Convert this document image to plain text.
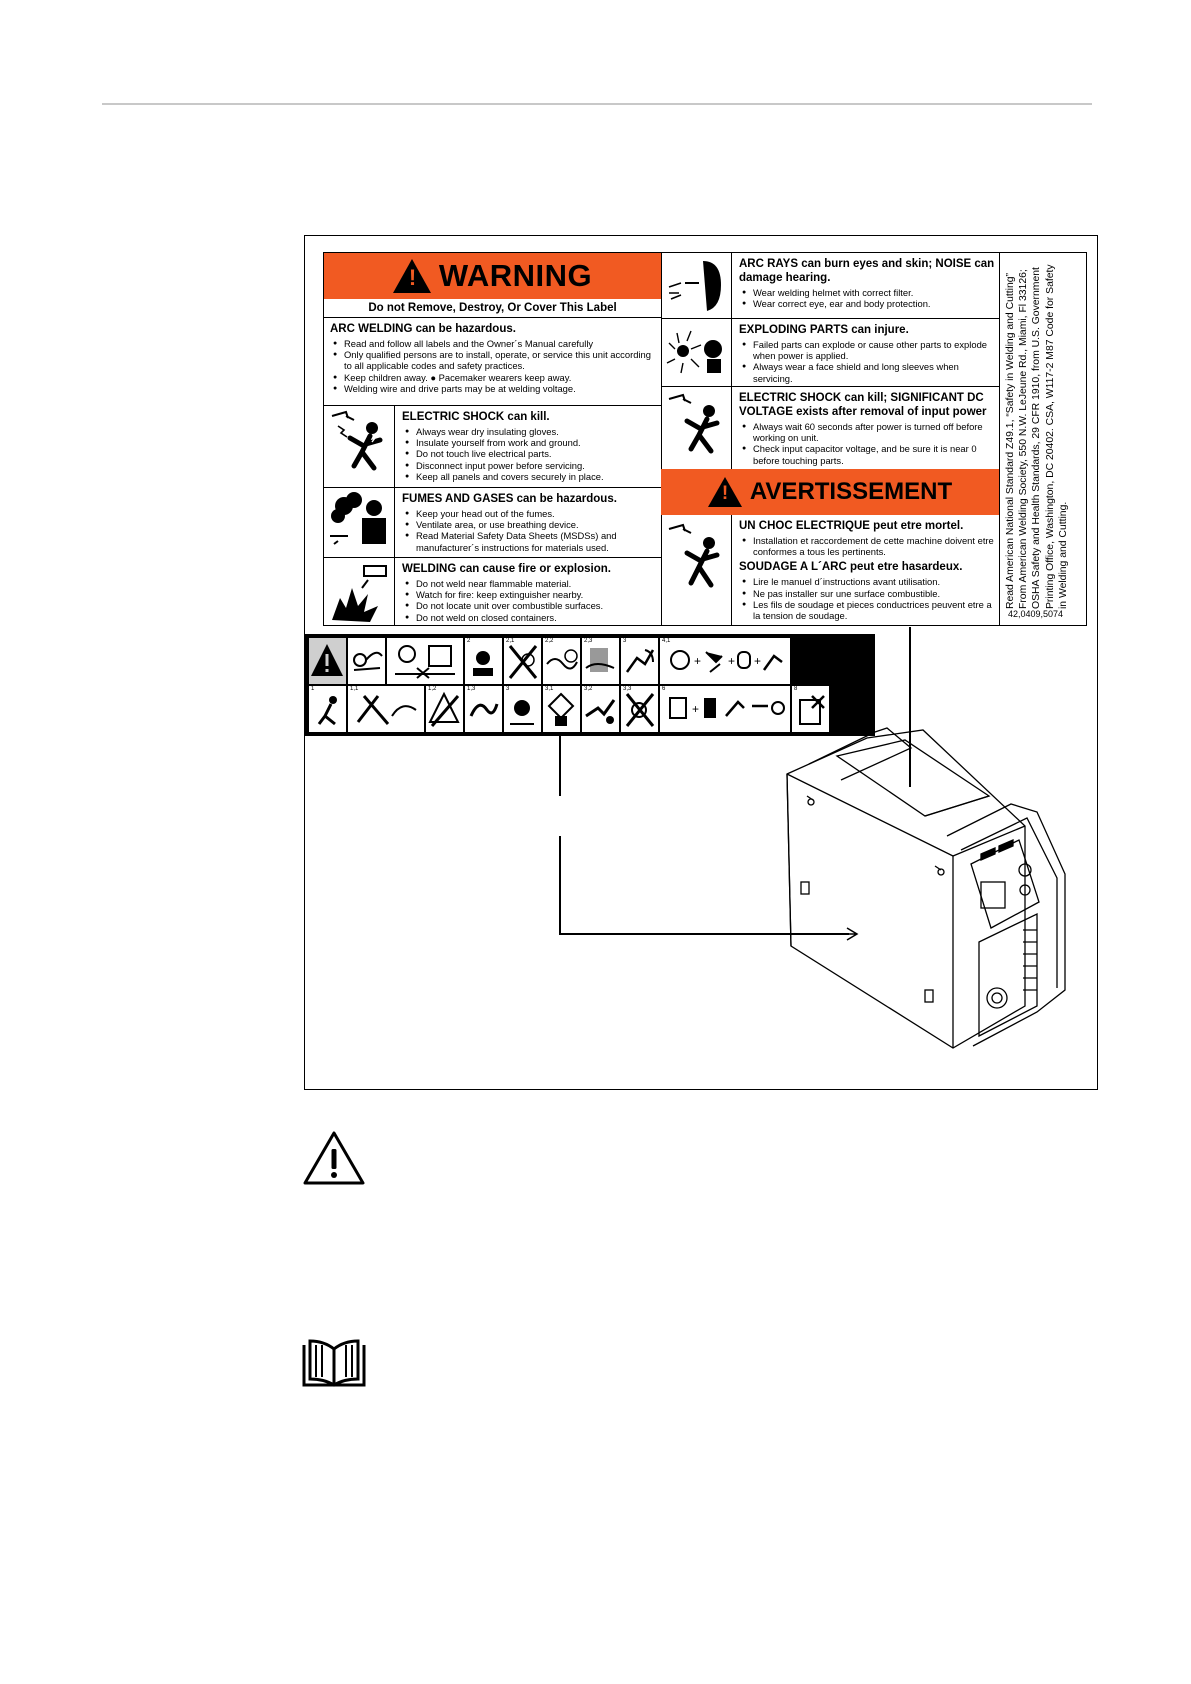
! WARNING
Do not Remove, Destroy, Or Cover This Label
ARC WELDING can be hazardous.
● Read and follow all labels and the Owner´s Manual carefully
● Only qualified persons are to install, operate, or service this unit according to all applicable codes and safety practices.
● Keep children away. ● Pacemaker wearers keep away.
● Welding wire and drive parts may be at welding voltage.
ELECTRIC SHOCK can kill.
● Always wear dry insulating gloves.
● Insulate yourself from work and ground.
● Do not touch live electrical parts.
● Disconnect input power before servicing.
● Keep all panels and covers securely in place.
FUMES AND GASES can be hazardous.
● Keep your head out of the fumes.
● Ventilate area, or use breathing device.
● Read Material Safety Data Sheets (MSDSs) and manufacturer´s instructions for materials used.
WELDING can cause fire or explosion.
● Do not weld near flammable material.
● Watch for fire: keep extinguisher nearby.
● Do not locate unit over combustible surfaces.
● Do not weld on closed containers.
ARC RAYS can burn eyes and skin; NOISE can damage hearing.
● Wear welding helmet with correct filter.
● Wear correct eye, ear and body protection.
EXPLODING PARTS can injure.
● Failed parts can explode or cause other parts to explode when power is applied.
● Always wear a face shield and long sleeves when servicing.
ELECTRIC SHOCK can kill; SIGNIFICANT DC VOLTAGE exists after removal of input power
● Always wait 60 seconds after power is turned off before working on unit.
● Check input capacitor voltage, and be sure it is near 0 before touching parts.
! AVERTISSEMENT
UN CHOC ELECTRIQUE peut etre mortel.
● Installation et raccordement de cette machine doivent etre conformes a tous les pertinents.
SOUDAGE A L´ARC peut etre hasardeux.
● Lire le manuel d´instructions avant utilisation.
● Ne pas installer sur une surface combustible.
● Les fils de soudage et pieces conductrices peuvent etre a la tension de soudage.
Read American National Standard Z49.1, “Safety in Welding and Cutting” From American Welding Society, 550 N.W. LeJeune Rd., Miami, Fl 33126; OSHA Safety and Health Standards, 29 CFR 1910, from U.S. Government Printing Office, Washington, DC 20402. CSA, W117-2 M87 Code for Safety in Welding and Cutting.
42,0409,5074
2	2,1	2,2	2,3	3	4,1
+ + +
1	1,1	1,2	1,3	3	3,1	3,2	3,3	6
+
8
